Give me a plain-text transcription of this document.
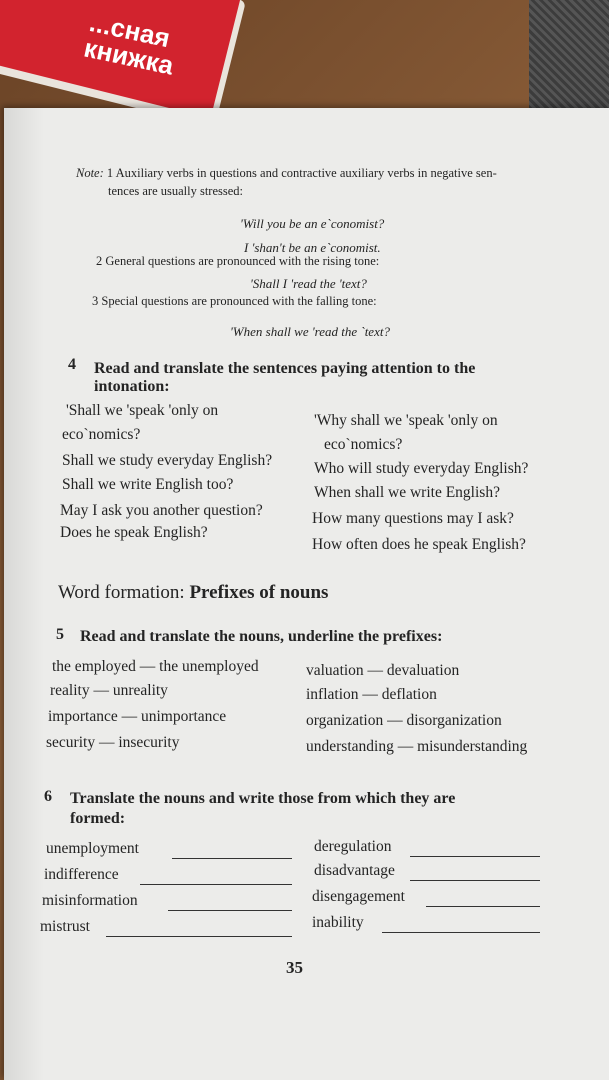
...сная книжка
Note: 1 Auxiliary verbs in questions and contractive auxiliary verbs in negative sen-
tences are usually stressed:
'Will you be an e`conomist?
I 'shan't be an e`conomist.
2 General questions are pronounced with the rising tone:
'Shall I 'read the 'text?
3 Special questions are pronounced with the falling tone:
'When shall we 'read the `text?
4 Read and translate the sentences paying attention to the
intonation:
'Shall we 'speak 'only on
eco`nomics?
Shall we study everyday English?
Shall we write English too?
May I ask you another question?
Does he speak English?
'Why shall we 'speak 'only on
eco`nomics?
Who will study everyday English?
When shall we write English?
How many questions may I ask?
How often does he speak English?
Word formation: Prefixes of nouns
5 Read and translate the nouns, underline the prefixes:
the employed — the unemployed
reality — unreality
importance — unimportance
security — insecurity
valuation — devaluation
inflation — deflation
organization — disorganization
understanding — misunderstanding
6 Translate the nouns and write those from which they are
formed:
unemployment
indifference
misinformation
mistrust
deregulation
disadvantage
disengagement
inability
35
